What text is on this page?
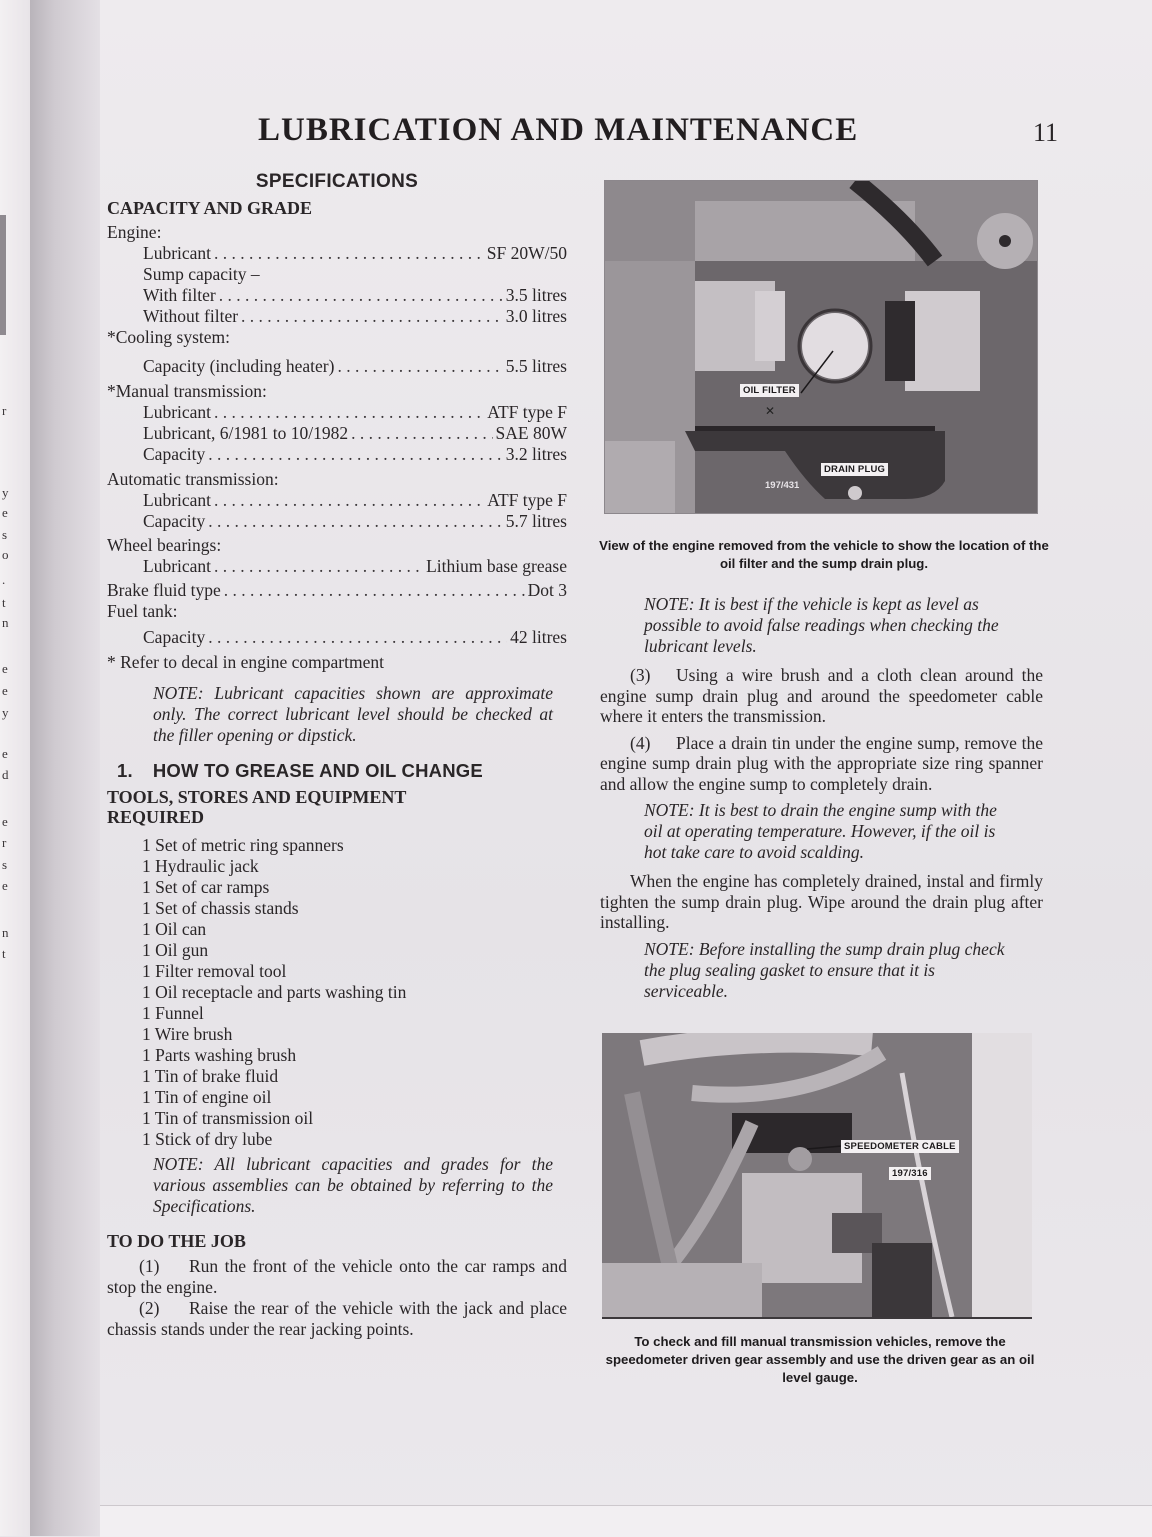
r
y
e
s
o
.
t
n
e
e
y
e
d
e
r
s
e
n
t
LUBRICATION AND MAINTENANCE	11
SPECIFICATIONS
CAPACITY AND GRADE
Engine:
Lubricant . . .	SF 20W/50
Sump capacity –
With filter . . .	3.5 litres
Without filter . . .	3.0 litres
*Cooling system:
Capacity (including heater) . . .	5.5 litres
*Manual transmission:
Lubricant . . .	ATF type F
Lubricant, 6/1981 to 10/1982 . . .	SAE 80W
Capacity . . .	3.2 litres
Automatic transmission:
Lubricant . . .	ATF type F
Capacity . . .	5.7 litres
Wheel bearings:
Lubricant . . .	Lithium base grease
Brake fluid type . . .	Dot 3
Fuel tank:
Capacity . . .	42 litres
* Refer to decal in engine compartment

NOTE: Lubricant capacities shown are approximate only. The correct lubricant level should be checked at the filler opening or dipstick.

1. HOW TO GREASE AND OIL CHANGE
TOOLS, STORES AND EQUIPMENT REQUIRED
1 Set of metric ring spanners
1 Hydraulic jack
1 Set of car ramps
1 Set of chassis stands
1 Oil can
1 Oil gun
1 Filter removal tool
1 Oil receptacle and parts washing tin
1 Funnel
1 Wire brush
1 Parts washing brush
1 Tin of brake fluid
1 Tin of engine oil
1 Tin of transmission oil
1 Stick of dry lube

NOTE: All lubricant capacities and grades for the various assemblies can be obtained by referring to the Specifications.

TO DO THE JOB

(1) Run the front of the vehicle onto the car ramps and stop the engine.

(2) Raise the rear of the vehicle with the jack and place chassis stands under the rear jacking points.

✕
OIL FILTER
DRAIN PLUG
197/431
View of the engine removed from the vehicle to show the location of the oil filter and the sump drain plug.

NOTE: It is best if the vehicle is kept as level as possible to avoid false readings when checking the lubricant levels.

(3) Using a wire brush and a cloth clean around the engine sump drain plug and around the speedometer cable where it enters the transmission.

(4) Place a drain tin under the engine sump, remove the engine sump drain plug with the appropriate size ring spanner and allow the engine sump to completely drain.

NOTE: It is best to drain the engine sump with the oil at operating temperature. However, if the oil is hot take care to avoid scalding.

When the engine has completely drained, instal and firmly tighten the sump drain plug. Wipe around the drain plug after installing.

NOTE: Before installing the sump drain plug check the plug sealing gasket to ensure that it is serviceable.

SPEEDOMETER CABLE
197/316
To check and fill manual transmission vehicles, remove the speedometer driven gear assembly and use the driven gear as an oil level gauge.
